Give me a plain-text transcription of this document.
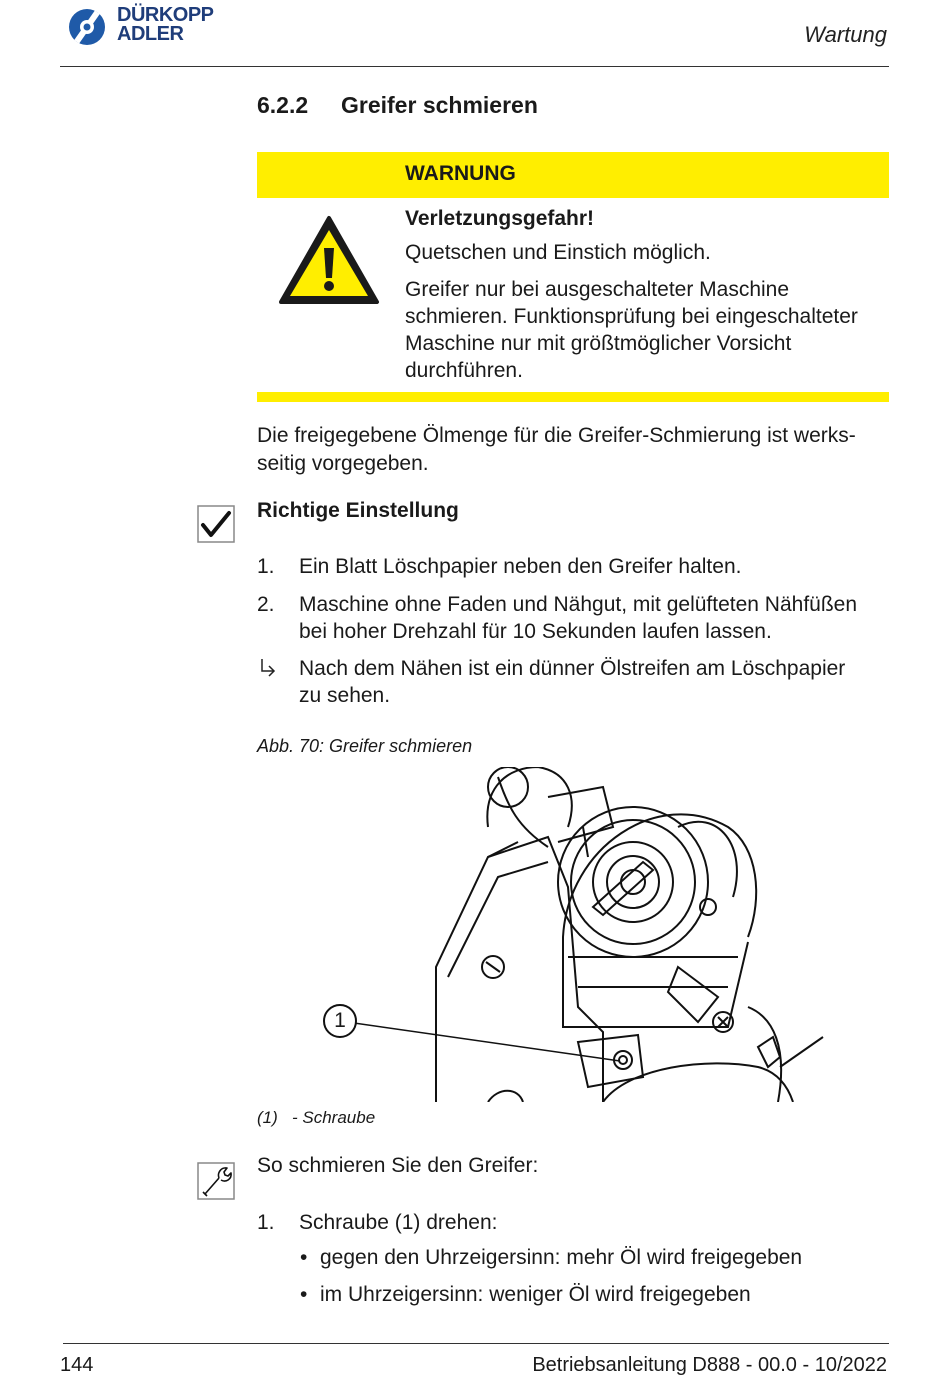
DÜRKOPP
ADLER	Wartung
6.2.2 Greifer schmieren
WARNUNG
Verletzungsgefahr!
Quetschen und Einstich möglich.
Greifer nur bei ausgeschalteter Maschine
schmieren. Funktionsprüfung bei eingeschalteter
Maschine nur mit größtmöglicher Vorsicht
durchführen.
Die freigegebene Ölmenge für die Greifer-Schmierung ist werks-
seitig vorgegeben.
Richtige Einstellung
1. Ein Blatt Löschpapier neben den Greifer halten.
2. Maschine ohne Faden und Nähgut, mit gelüfteten Nähfüßen
bei hoher Drehzahl für 10 Sekunden laufen lassen.
Nach dem Nähen ist ein dünner Ölstreifen am Löschpapier
zu sehen.
Abb. 70: Greifer schmieren
1
(1) - Schraube
So schmieren Sie den Greifer:
1. Schraube (1) drehen:
• gegen den Uhrzeigersinn: mehr Öl wird freigegeben
• im Uhrzeigersinn: weniger Öl wird freigegeben
144	Betriebsanleitung D888 - 00.0 - 10/2022
